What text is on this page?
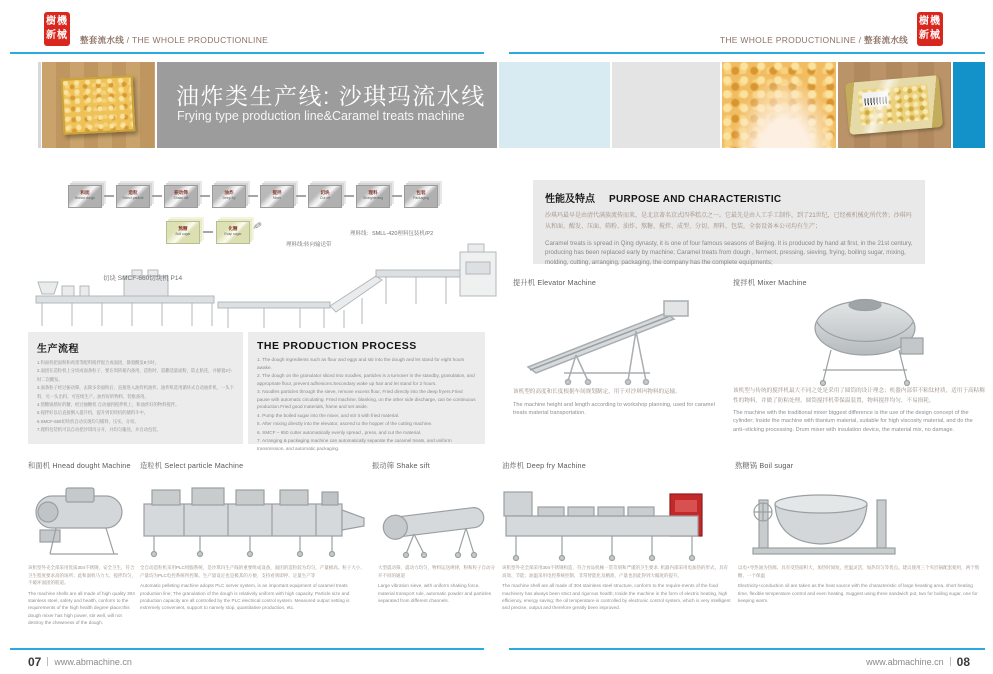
樹機
新械 整套流水线 / THE WHOLE PRODUCTIONLINE	THE WHOLE PRODUCTIONLINE / 整套流水线
樹機
新械
油炸类生产线: 沙琪玛流水线
Frying type production line&Caramel treats machine
和面
Hnead dough
造粒
Select particle
振动筛
Shake sift
油炸
Deep fry
搅拌
Mixer
切块
Cut off
理料
Straightening
包装
Packaging
熬糖
Boil sugar
化糖
Evap sugar
✎
理料线：SMLL-420理料包装机/P2
理料线:转向输送带
切块 SMCF-660切块机 P14
性能及特点 PURPOSE AND CHARACTERISTIC
沙琪玛最早是由清代满族流传而来，是北京著名京式四季糕点之一。它最先是由人工手工制作，到了21世纪，已经被机械化所代替；沙琪玛从和面、醒发、压面、筛粉、油炸、熬糖、搅拌、成型、分切、理料、包装，全套设备本公司均有生产；
Caramel treats is spread in Qing dynasty, it is one of four famous seasons of Beijing. It is produced by hand at first, in the 21st century, producing has been replaced early by machine; Caramel treats from dough , ferment, pressing, sieving, frying, boiling sugar, mixing, molding, cutting, arranging, packaging, the company has the complete equipments;
提升机 Elevator Machine
该机型的高度和长度根据车间规划制定，用于对沙琪玛物料的运输。
The machine height and length according to workshop planning, used for caramel treats material transportation.
搅拌机 Mixer Machine
该机型与传统的搅拌机最大不同之处是采用了圆筒的设计理念；机器内部带不粘钛材质，适用于高粘稠性的物料，并做了防粘处理。圆筒搅拌机带保温装置，物料搅拌均匀，不易损耗。
The machine with the traditional mixer biggest difference is the use of the design concept of the cylinder; Inside the machine with titanium material, suitable for high viscosity material, and do the anti−sticking processing. Drum mixer with insulation device, the material mix, no damage.
生产流程
1.和面机把面粉和鸡蛋等配料搅拌混合成面团，静置醒发8小时。
2.面团在造粒机上分切成面条粒子，要在周转箱内备用，造粒时，需撒适量面粉，防止粘连，并静置2小时二次醒发。
3.面条粒子经过振动筛，去除多余面粉后，直接进入油炸机油炸。油炸机选用循环式自动油炸机，一头下料，另一头出料，可连续生产。油炸好的物料，装框备用。
4.熬糖锅熬好的糖，经过抽糖机 自动抽到搅拌机上，和油炸好的物料搅拌。
5.搅拌好以后直接倒入提升机，提升到切块机的储料斗中。
6.SMCF-650切块机自动实现均匀铺料，压实，分切。
7.理料包装机可以自动把沙琪玛分开，并均匀输送，并自动包装。
THE PRODUCTION PROCESS
1. The dough ingredients such as flour and eggs and stir into the dough and let stand for eight hours awake.
2. The dough on the granulator sliced into noodles, particles is a turnover in the standby, granulation, and appropriate flour, prevent adhesions.Secondary wake up hair and let stand for 2 hours.
3. Noodles particles through the sieve, remove excess flour, Fried directly into the deep fryers.Fried pause with automatic circulating. Fried machine, blanking, on the other side discharge, can be continuous production.Fried good materials, frame and set aside.
4. Pump the boiled sugar into the mixer, and stir it with fried material.
5. After mixing directly into the elevator, ascend to the hopper of the cutting machine.
6. SMCF – 650 cutter automatically evenly spread , press, and cut the material.
7. Arranging & packaging machine can automatically separate the caramel treats, and uniform transmission, and automatic packaging.
和面机 Hnead dought Machine 造粒机 Select particle Machine	振动筛 Shake sift	油炸机 Deep fry Machine	熬糖锅 Boil sugar
该机型外壳全部采用优质304不锈钢，安全卫生，符合卫生程度要求高的场所；此和面机马力大、搅拌均匀，不破坏面团的筋道。
The machine shells are all made of high quality 304 stainless steel, safety and health, conform to the requirements of the high health degree place;this dough mixer has high power, stir well, will not destroy the chewiness of the dough.
全自动造粒机采用PLC伺服系统，是沙琪玛生产线的重要组成设备，面团的造粒较为均匀，产量极高。粒子大小、产量均为PLC电控系统所控制。生产量设定也是极其的方便，支持看到即停、定量生产等
Automatic pelleting machine adopts PLC server system, is an important equipment of caramel treats production line; The granulation of the dough is relatively uniform with high capacity, Particle size and production capacity are all controlled by the PLC electrical control system. Measured output setting is extremely convenient, support to namely stop, quantitative production, etc.
大型震动筛，震动力均匀，物料运送规律，粉和粒子自动分开不同的通道
Large vibration sieve, with uniform shaking force, material transport rule, automatic powder and particles separated from different channels.
该机型外壳全部采用304不锈钢构造，符合食品机械一贯苛刻和严谨的卫生要求. 机器内部采用电加热的形式，具有高效、节能；油温采用电控系统控制，非常智能化及精准，产量也因此得到大幅度的提升。
The machine shell are all made of 304 stainless steel structure, conform to the require-ments of the food machinery has always been strict and rigorous health; Inside the machine in the form of electric heating, high efficiency, energy saving; the oil temperature is controlled by electronic control system, which is very intelligent and precise, output and therefore greatly been improved.
以电+导热油为热源。具有受热面积大，加热时间短，控温灵活，加热均匀等优点。建议使用三个夹层锅配套使用，两个熬糖、一个保温
Electricity+conduction oil are taken as the heat source with the characteristic of large heasting area, short heating time, flexible temperature control and even heating. Suggest using three sandwich pot, two for boiling sugar, one for keeping warm.
07 www.abmachine.cn	www.abmachine.cn 08
